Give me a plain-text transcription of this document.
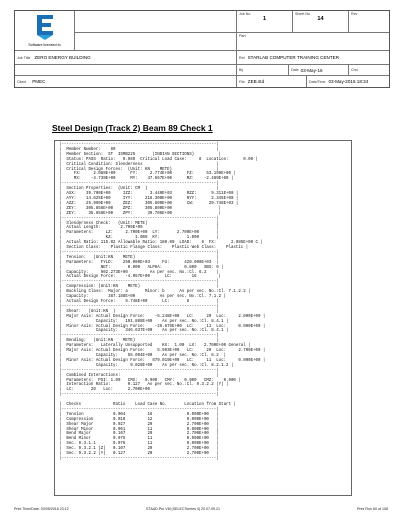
Software licensed to
Job No
1
Sheet No
14
Rev
Part
Job Title ZERO ENERGY BUILDING	Ref STARLAB COMPUTER TRAINING CENTER
By	Date 03-May-16	Chd
Client PMEC	File ZEB.std	Date/Time 03-May-2016 18:34
Steel Design (Track 2) Beam 89 Check 1
|---------------------------------------------------------------|
|  Member Number:    89                                         |
|  Member Section:  ST  ISMB225       (INDIAN SECTIONS)          |
|  Status: PASS  Ratio:   0.980  Critical Load Case:     8  Location:      0.00 |
|  Critical Condition: Slenderness                              |
|  Critical Design Forces:  (Unit: KN    METE)                  |
|     FX:     2.088E+00      FY:     2.774E+00      FZ:     53.199E+00 |
|     MX:    -4.739E+00      MY:    47.667E+00      MZ:    -2.489E+00 |
|---------------------------------------------------------------|
|  Section Properties:  (Unit: CM  )                            |
|  AXX:    39.700E+00     IZZ:       3.440E+03      RZZ:      9.311E+00 |
|  AYY:    14.625E+00     IYY:     218.300E+00      RYY:      2.345E+00 |
|  AZZ:    25.960E+00     ZEZ:     305.800E+00      CW:      29.748E+03 |
|  ZEY:    305.856E+00    ZPZ:     305.800E+00                   |
|  ZEY:     35.658E+00    ZPY:      39.706E+00                   |
|---------------------------------------------------------------|
|  Slenderness Check:   (Unit: METE)                            |
|  Actual Length:        2.700E+00                              |
|  Parameters:     LZ:     2.700E+00  LY:       2.700E+00       |
|                  KZ:         1.000  KY:           1.000       |
|  Actual Ratio: 115.02 Allowable Ratio: 180.00  LOAD:    8  FX:      2.085E+00 C |
|  Section Class:    Plastic Flange Class:    Plastic Web Class:    Plastic |
|---------------------------------------------------------------|
|  Tension:   (Unit:KN    METE)                                 |
|  Parameters:   FYLD:    250.000E+03     FU:      420.000E+03  |
|                NET:       0.000   ALPHA:         0.800   SBS: 0 |
|  Capacity:     902.273E+00         As per sec. No.:Cl. 6.2    |
|  Actual Design Force:    -4.057E+00      LC:        16         |
|---------------------------------------------------------------|
|  Compression: (Unit:KN    METE)                               |
|  Buckling Class:  Major: a       Minor: b      As per sec. No.:Cl. 7.1.2.2 |
|  Capacity:        387.188E+00          As per sec. No.:Cl. 7.1.2 |
|  Actual Design Force:    5.748E+00      LC:       8           |
|---------------------------------------------------------------|
|  Shear:   (Unit:KN  )                                         |
|  Major Axis: Actual Design Force:    -5.248E+00   LC:     20  Loc:     2.000E+00 |
|              Capacity:   191.808E+00    As per sec. No.:Cl. 8.4.1 |
|  Minor Axis: Actual Design Force:    -26.676E+00  LC:     11  Loc:     0.000E+00 |
|              Capacity:   346.637E+00    As per sec. No.:Cl. 8.4.1 |
|---------------------------------------------------------------|
|  Bending:   (Unit:KN    METE)                                 |
|  Parameters:   Laterally Unsupported    KX:  1.00  LX:   2.700E+00 General |
|  Major Axis: Actual Design Force:     5.903E+00   LC:     20  Loc:     2.700E+00 |
|              Capacity:    55.004E+00    As per sec. No.:Cl. 8.2  |
|  Minor Axis: Actual Design Force:   879.019E+00   LC:     11  Loc:     0.000E+00 |
|              Capacity:     9.028E+00    As per sec. No.:Cl. 8.2.1.2 |
|---------------------------------------------------------------|
|  Combined Interactions:                                       |
|  Parameters:  PSI: 1.00   CMX:   0.900   CMY:    0.900   CMZ:    0.900 |
|  Interaction Ratio:       0.127   As per sec. No.:Cl. 9.3.2.2 (Y) |
|  LC:       20   Loc:      2.700E+00                           |
|---------------------------------------------------------------|
|  Checks             Ratio    Load Case No.       Location from Start |
|---------------------------------------------------------------|
|  Tension            0.004         16              0.000E+00   |
|  Compression        0.010         12              0.000E+00   |
|  Shear Major        0.027         20              2.700E+00   |
|  Shear Minor        0.061         11              0.000E+00   |
|  Bend Major         0.107         20              2.700E+00   |
|  Bend Minor         0.075         11              0.000E+00   |
|  Sec. 9.3.1.1       0.078         11              0.000E+00   |
|  Sec. 9.3.2.1 (Z)   0.107         20              2.700E+00   |
|  Sec. 9.3.2.2 (Y)   0.127         20              2.700E+00   |
|---------------------------------------------------------------|
Print Time/Date: 03/05/2016 23:12	STAAD.Pro V8i (SELECTseries 4) 20.07.09.21	Print Run 60 of 108
